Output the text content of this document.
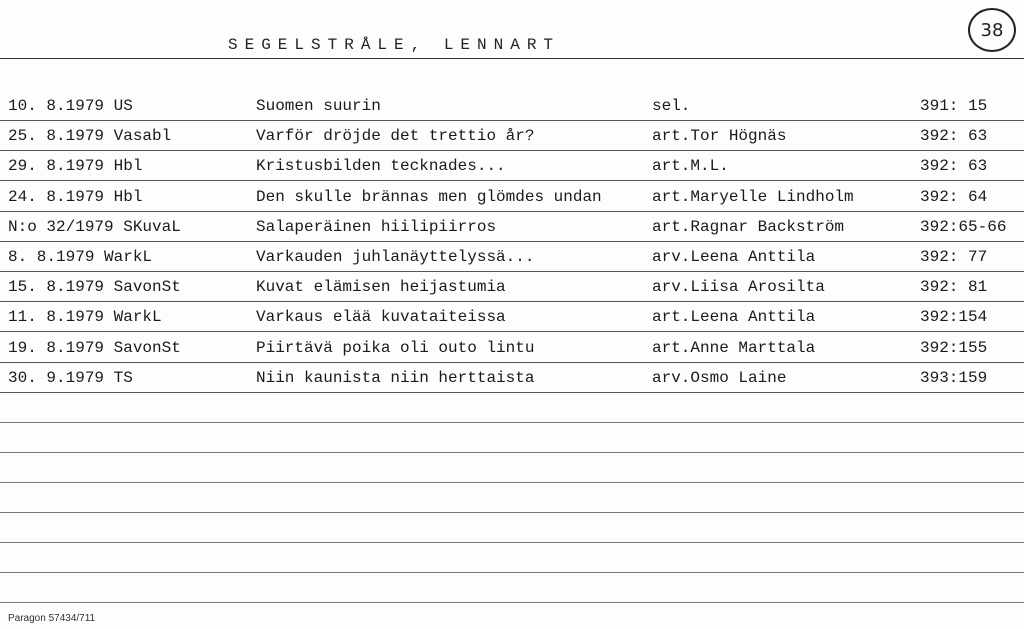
SEGELSTRÅLE, LENNART
38
10. 8.1979 US	Suomen suurin	sel.	391: 15
25. 8.1979 Vasabl	Varför dröjde det trettio år?	art.Tor Högnäs	392: 63
29. 8.1979 Hbl	Kristusbilden tecknades...	art.M.L.	392: 63
24. 8.1979 Hbl	Den skulle brännas men glömdes undan	art.Maryelle Lindholm	392: 64
N:o 32/1979 SKuvaL	Salaperäinen hiilipiirros	art.Ragnar Backström	392:65-66
8. 8.1979 WarkL	Varkauden juhlanäyttelyssä...	arv.Leena Anttila	392: 77
15. 8.1979 SavonSt	Kuvat elämisen heijastumia	arv.Liisa Arosilta	392: 81
11. 8.1979 WarkL	Varkaus elää kuvataiteissa	art.Leena Anttila	392:154
19. 8.1979 SavonSt	Piirtävä poika oli outo lintu	art.Anne Marttala	392:155
30. 9.1979 TS	Niin kaunista niin herttaista	arv.Osmo Laine	393:159
Paragon 57434/711
